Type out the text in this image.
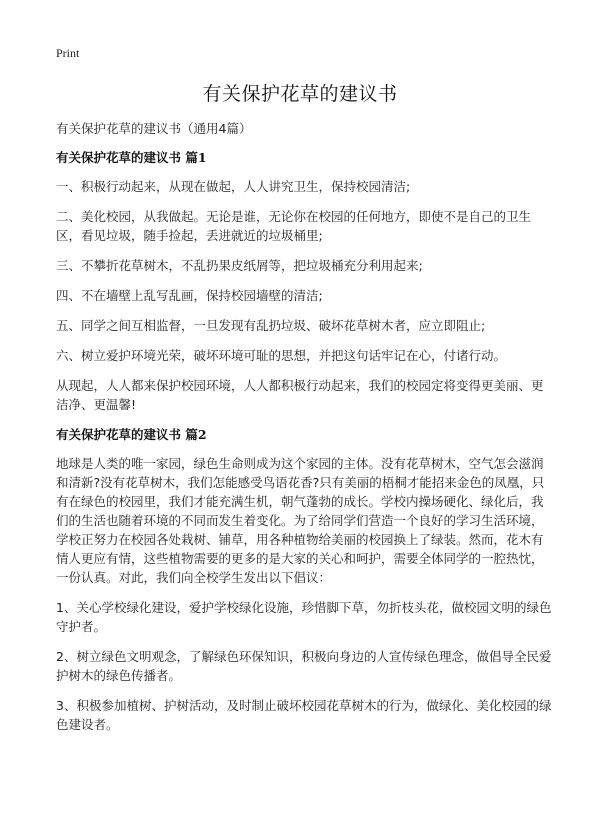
Print
有关保护花草的建议书

有关保护花草的建议书（通用4篇）

有关保护花草的建议书 篇1

一、积极行动起来，从现在做起，人人讲究卫生，保持校园清洁;

二、美化校园，从我做起。无论是谁，无论你在校园的任何地方，即使不是自己的卫生区，看见垃圾，随手捡起，丢进就近的垃圾桶里;

三、不攀折花草树木，不乱扔果皮纸屑等，把垃圾桶充分利用起来;

四、不在墙壁上乱写乱画，保持校园墙壁的清洁;

五、同学之间互相监督，一旦发现有乱扔垃圾、破坏花草树木者，应立即阻止;

六、树立爱护环境光荣，破坏环境可耻的思想，并把这句话牢记在心，付诸行动。

从现起，人人都来保护校园环境，人人都积极行动起来，我们的校园定将变得更美丽、更洁净、更温馨!

有关保护花草的建议书 篇2

地球是人类的唯一家园，绿色生命则成为这个家园的主体。没有花草树木，空气怎会滋润和清新?没有花草树木，我们怎能感受鸟语花香?只有美丽的梧桐才能招来金色的凤凰，只有在绿色的校园里，我们才能充满生机，朝气蓬勃的成长。学校内操场硬化、绿化后，我们的生活也随着环境的不同而发生着变化。为了给同学们营造一个良好的学习生活环境，学校正努力在校园各处栽树、铺草，用各种植物给美丽的校园换上了绿装。然而，花木有情人更应有情，这些植物需要的更多的是大家的关心和呵护，需要全体同学的一腔热忱，一份认真。对此，我们向全校学生发出以下倡议：

1、关心学校绿化建设，爱护学校绿化设施，珍惜脚下草，勿折枝头花，做校园文明的绿色守护者。

2、树立绿色文明观念，了解绿色环保知识，积极向身边的人宣传绿色理念，做倡导全民爱护树木的绿色传播者。

3、积极参加植树、护树活动，及时制止破坏校园花草树木的行为，做绿化、美化校园的绿色建设者。
